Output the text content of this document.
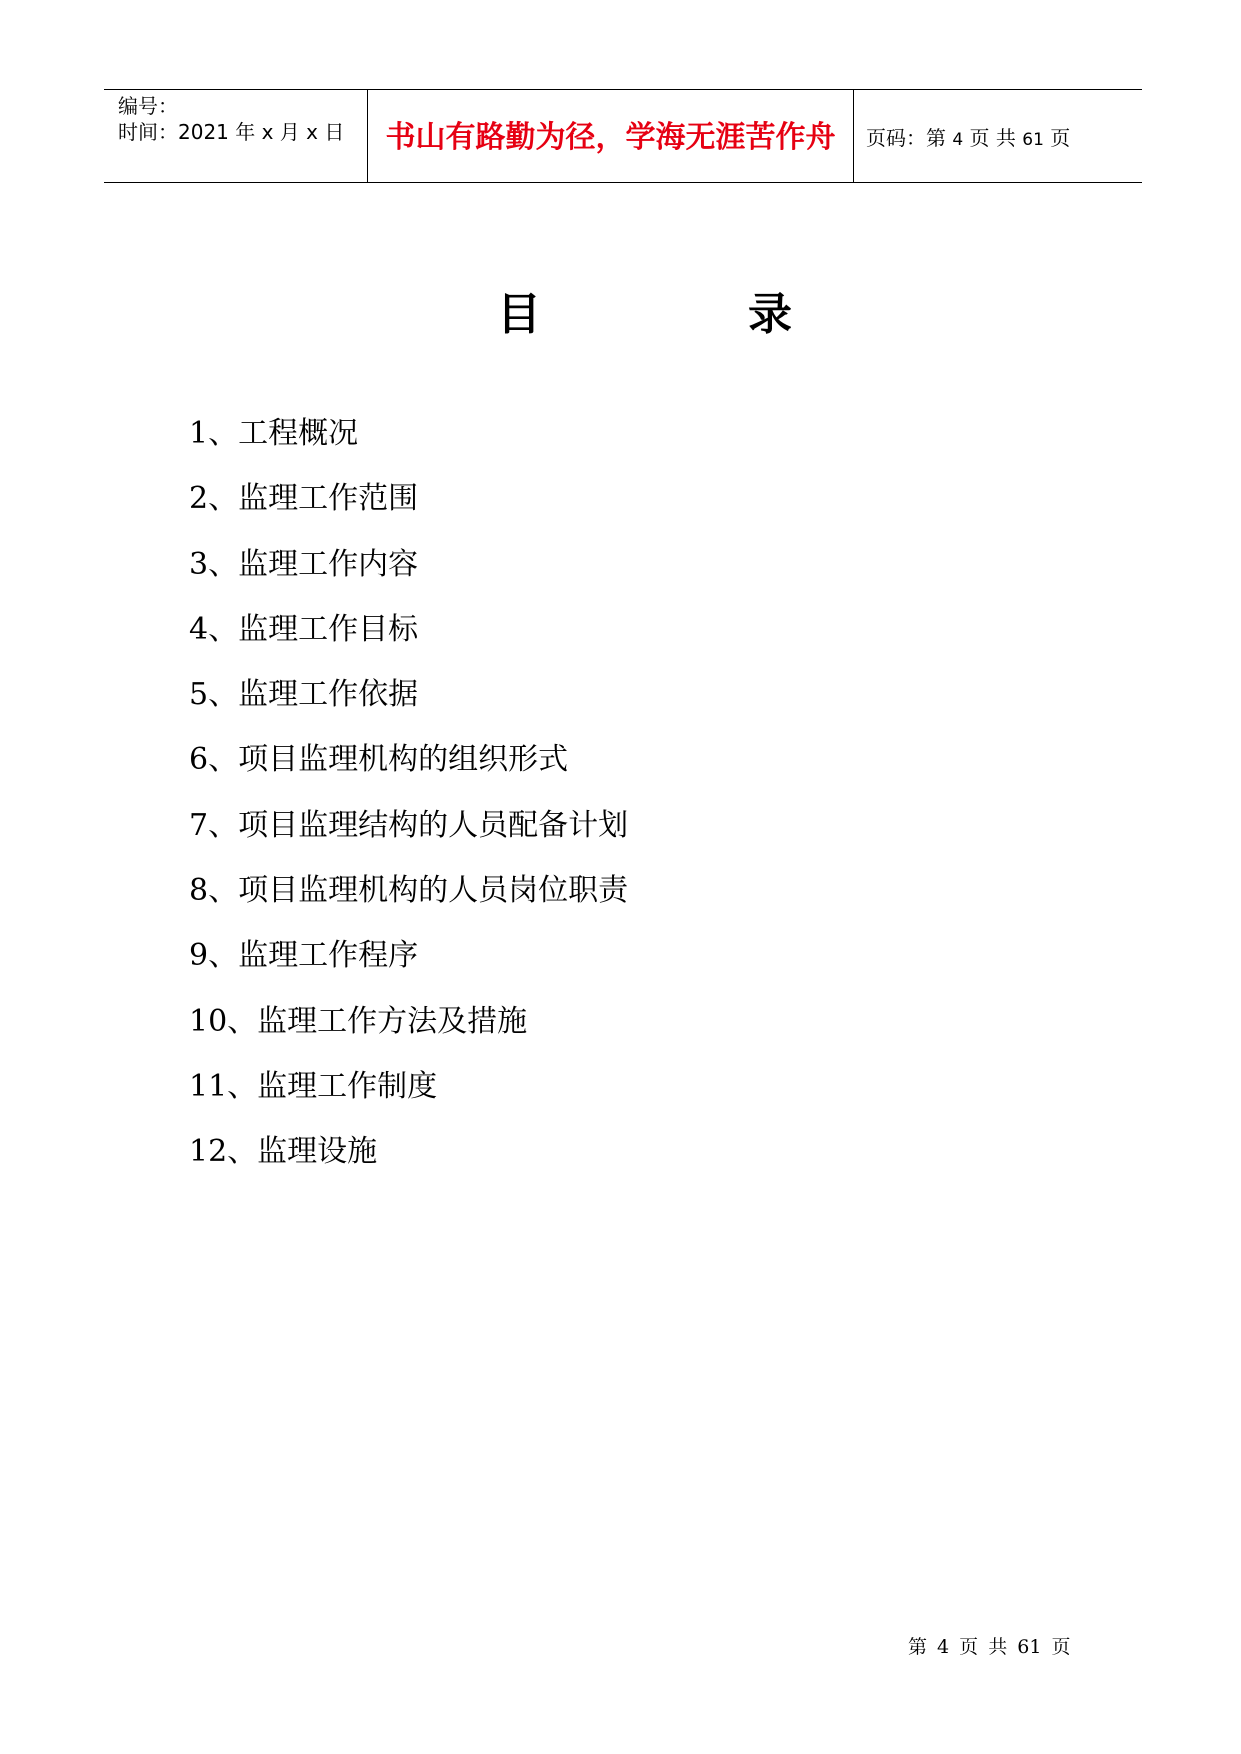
编号：
时间：2021 年 x 月 x 日	书山有路勤为径，学海无涯苦作舟	页码：第 4 页 共 61 页
目	录
1、工程概况
2、监理工作范围
3、监理工作内容
4、监理工作目标
5、监理工作依据
6、项目监理机构的组织形式
7、项目监理结构的人员配备计划
8、项目监理机构的人员岗位职责
9、监理工作程序
10、监理工作方法及措施
11、监理工作制度
12、监理设施
第 4 页 共 61 页
